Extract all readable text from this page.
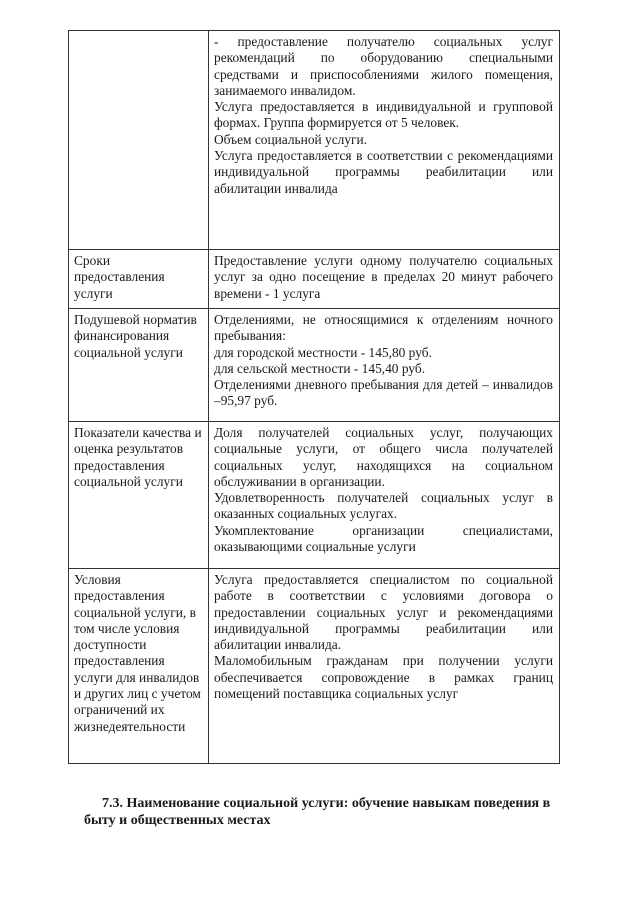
	- предоставление получателю социальных услуг рекомендаций по оборудованию специальными средствами и приспособлениями жилого помещения, занимаемого инвалидом.
Услуга предоставляется в индивидуальной и групповой формах. Группа формируется от 5 человек.
Объем социальной услуги.
Услуга предоставляется в соответствии с рекомендациями индивидуальной программы реабилитации или абилитации инвалида

Сроки предоставления услуги	Предоставление услуги одному получателю социальных услуг за одно посещение в пределах 20 минут рабочего времени - 1 услуга

Подушевой норматив финансирования социальной услуги	Отделениями, не относящимися к отделениям ночного пребывания:
для городской местности - 145,80 руб.
для сельской местности - 145,40 руб.
Отделениями дневного пребывания для детей – инвалидов –95,97 руб.

Показатели качества и оценка результатов предоставления социальной услуги	Доля получателей социальных услуг, получающих социальные услуги, от общего числа получателей социальных услуг, находящихся на социальном обслуживании в организации.
Удовлетворенность получателей социальных услуг в оказанных социальных услугах.
Укомплектование организации специалистами, оказывающими социальные услуги

Условия предоставления социальной услуги, в том числе условия доступности предоставления услуги для инвалидов и других лиц с учетом ограничений их жизнедеятельности	Услуга предоставляется специалистом по социальной работе в соответствии с условиями договора о предоставлении социальных услуг и рекомендациями индивидуальной программы реабилитации или абилитации инвалида.
Маломобильным гражданам при получении услуги обеспечивается сопровождение в рамках границ помещений поставщика социальных услуг
7.3. Наименование социальной услуги: обучение навыкам поведения в быту и общественных местах
